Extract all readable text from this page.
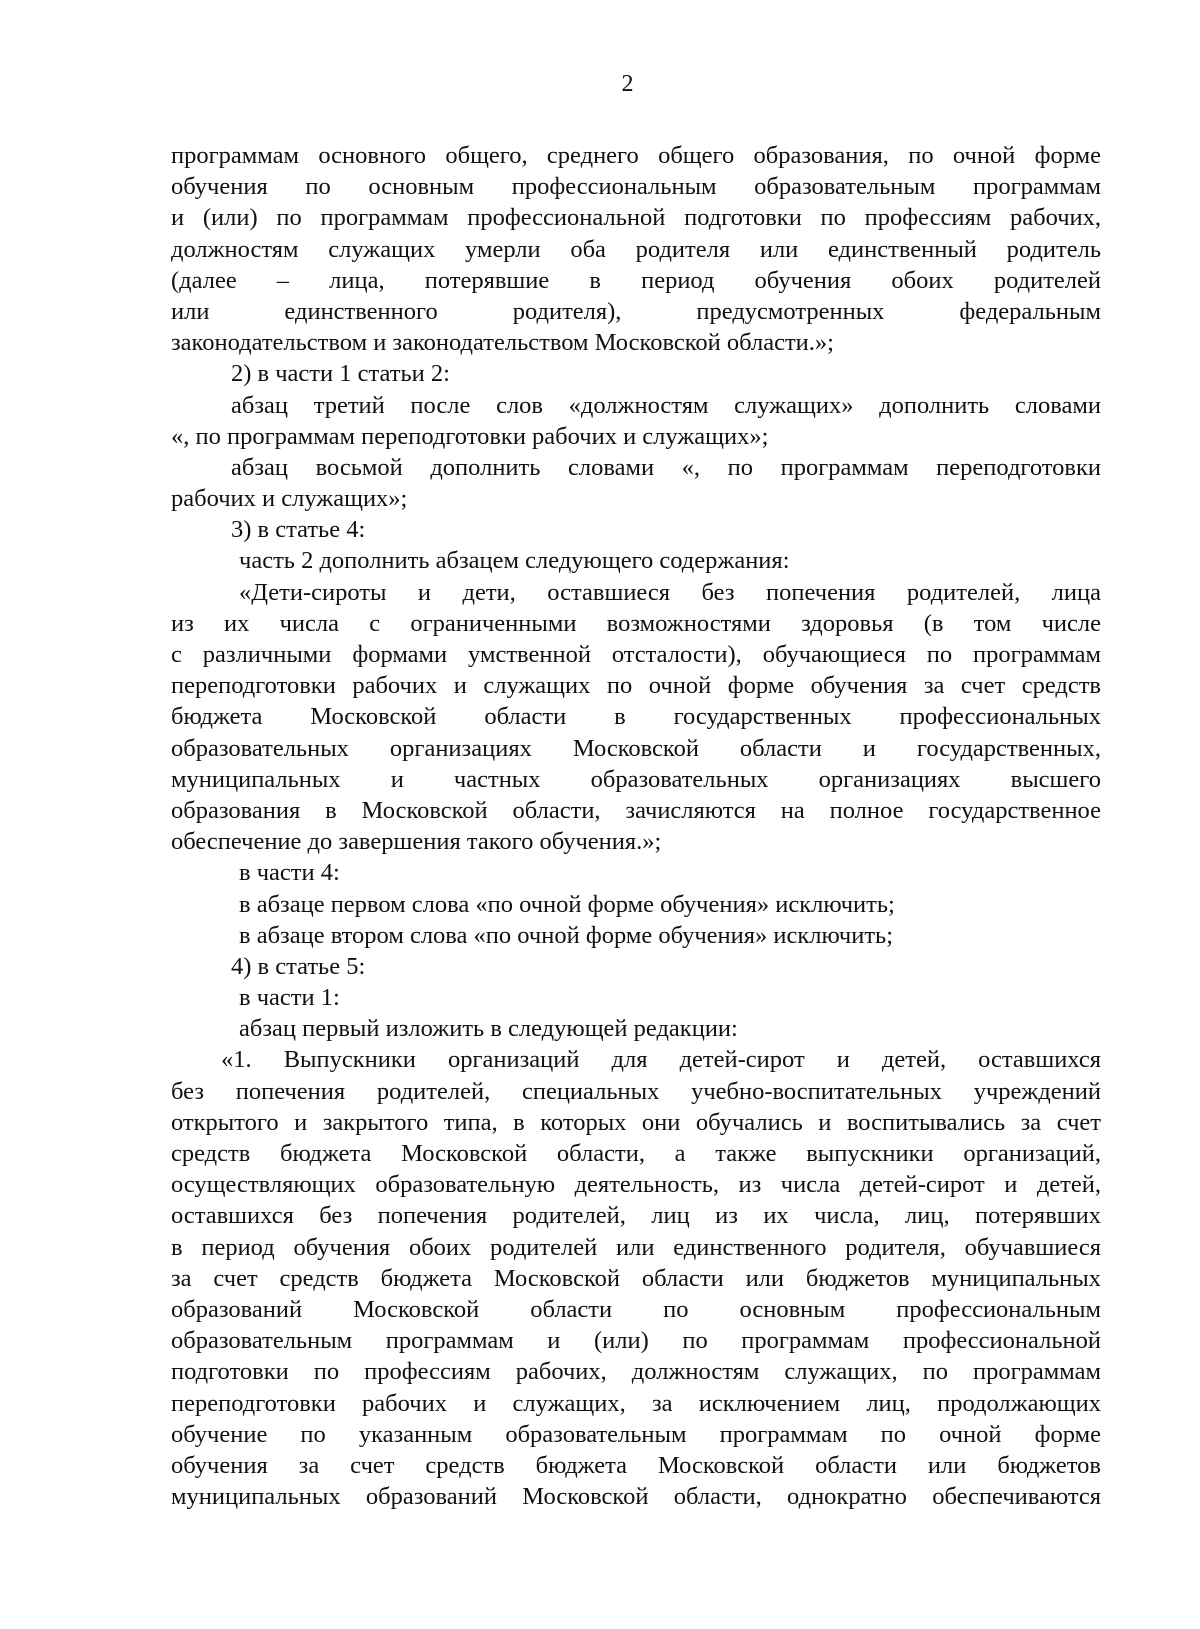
2
программам основного общего, среднего общего образования, по очной форме
обучения по основным профессиональным образовательным программам
и (или) по программам профессиональной подготовки по профессиям рабочих,
должностям служащих умерли оба родителя или единственный родитель
(далее – лица, потерявшие в период обучения обоих родителей
или единственного родителя), предусмотренных федеральным
законодательством и законодательством Московской области.»;
2) в части 1 статьи 2:
абзац третий после слов «должностям служащих» дополнить словами
«, по программам переподготовки рабочих и служащих»;
абзац восьмой дополнить словами «, по программам переподготовки
рабочих и служащих»;
3) в статье 4:
часть 2 дополнить абзацем следующего содержания:
«Дети-сироты и дети, оставшиеся без попечения родителей, лица
из их числа с ограниченными возможностями здоровья (в том числе
с различными формами умственной отсталости), обучающиеся по программам
переподготовки рабочих и служащих по очной форме обучения за счет средств
бюджета Московской области в государственных профессиональных
образовательных организациях Московской области и государственных,
муниципальных и частных образовательных организациях высшего
образования в Московской области, зачисляются на полное государственное
обеспечение до завершения такого обучения.»;
в части 4:
в абзаце первом слова «по очной форме обучения» исключить;
в абзаце втором слова «по очной форме обучения» исключить;
4) в статье 5:
в части 1:
абзац первый изложить в следующей редакции:
«1. Выпускники организаций для детей-сирот и детей, оставшихся
без попечения родителей, специальных учебно-воспитательных учреждений
открытого и закрытого типа, в которых они обучались и воспитывались за счет
средств бюджета Московской области, а также выпускники организаций,
осуществляющих образовательную деятельность, из числа детей-сирот и детей,
оставшихся без попечения родителей, лиц из их числа, лиц, потерявших
в период обучения обоих родителей или единственного родителя, обучавшиеся
за счет средств бюджета Московской области или бюджетов муниципальных
образований Московской области по основным профессиональным
образовательным программам и (или) по программам профессиональной
подготовки по профессиям рабочих, должностям служащих, по программам
переподготовки рабочих и служащих, за исключением лиц, продолжающих
обучение по указанным образовательным программам по очной форме
обучения за счет средств бюджета Московской области или бюджетов
муниципальных образований Московской области, однократно обеспечиваются
